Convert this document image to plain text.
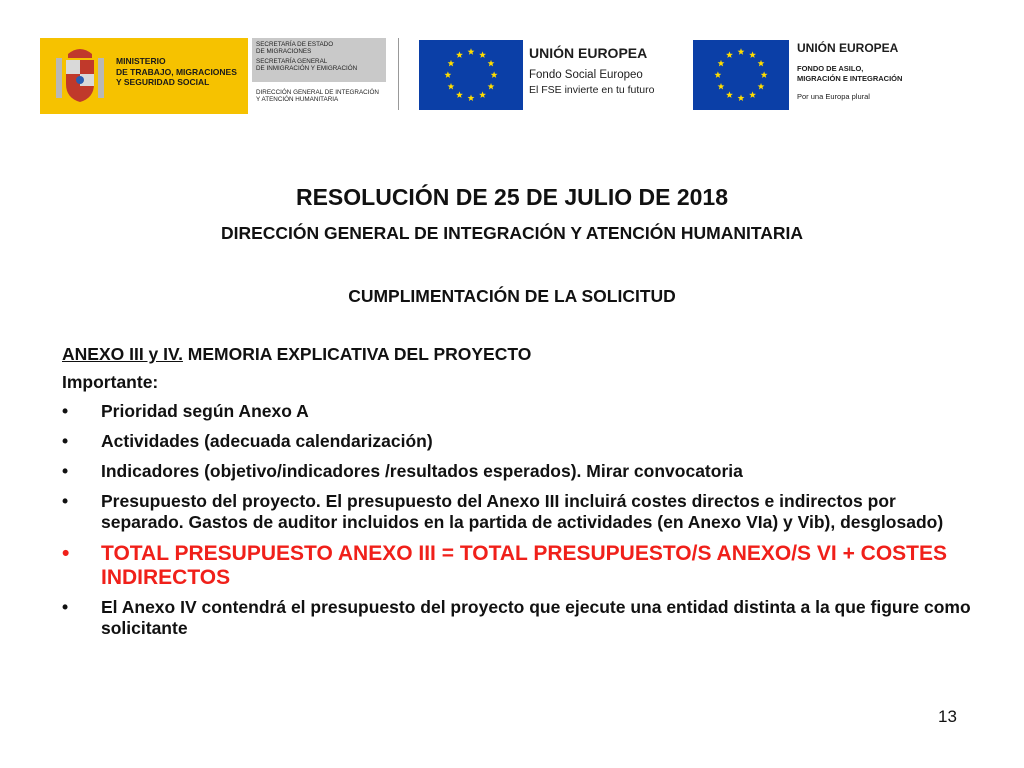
MINISTERIO
DE TRABAJO, MIGRACIONES
Y SEGURIDAD SOCIAL
SECRETARÍA DE ESTADO
DE MIGRACIONES
SECRETARÍA GENERAL
DE INMIGRACIÓN Y EMIGRACIÓN
DIRECCIÓN GENERAL DE INTEGRACIÓN
Y ATENCIÓN HUMANITARIA
UNIÓN EUROPEA
Fondo Social Europeo
El FSE invierte en tu futuro
UNIÓN EUROPEA
FONDO DE ASILO,
MIGRACIÓN E INTEGRACIÓN
Por una Europa plural
RESOLUCIÓN DE 25 DE JULIO DE 2018
DIRECCIÓN GENERAL DE INTEGRACIÓN Y ATENCIÓN HUMANITARIA
CUMPLIMENTACIÓN DE LA SOLICITUD
ANEXO III y IV. MEMORIA EXPLICATIVA DEL PROYECTO
Importante:
• Prioridad según Anexo A
• Actividades (adecuada calendarización)
• Indicadores (objetivo/indicadores /resultados esperados). Mirar convocatoria
• Presupuesto del proyecto. El presupuesto del Anexo III incluirá costes directos e indirectos por separado. Gastos de auditor incluidos en la partida de actividades (en Anexo VIa) y Vib), desglosado)
• TOTAL PRESUPUESTO ANEXO III = TOTAL PRESUPUESTO/S ANEXO/S VI + COSTES INDIRECTOS
• El Anexo IV contendrá el presupuesto del proyecto que ejecute una entidad distinta a la que figure como solicitante
13
